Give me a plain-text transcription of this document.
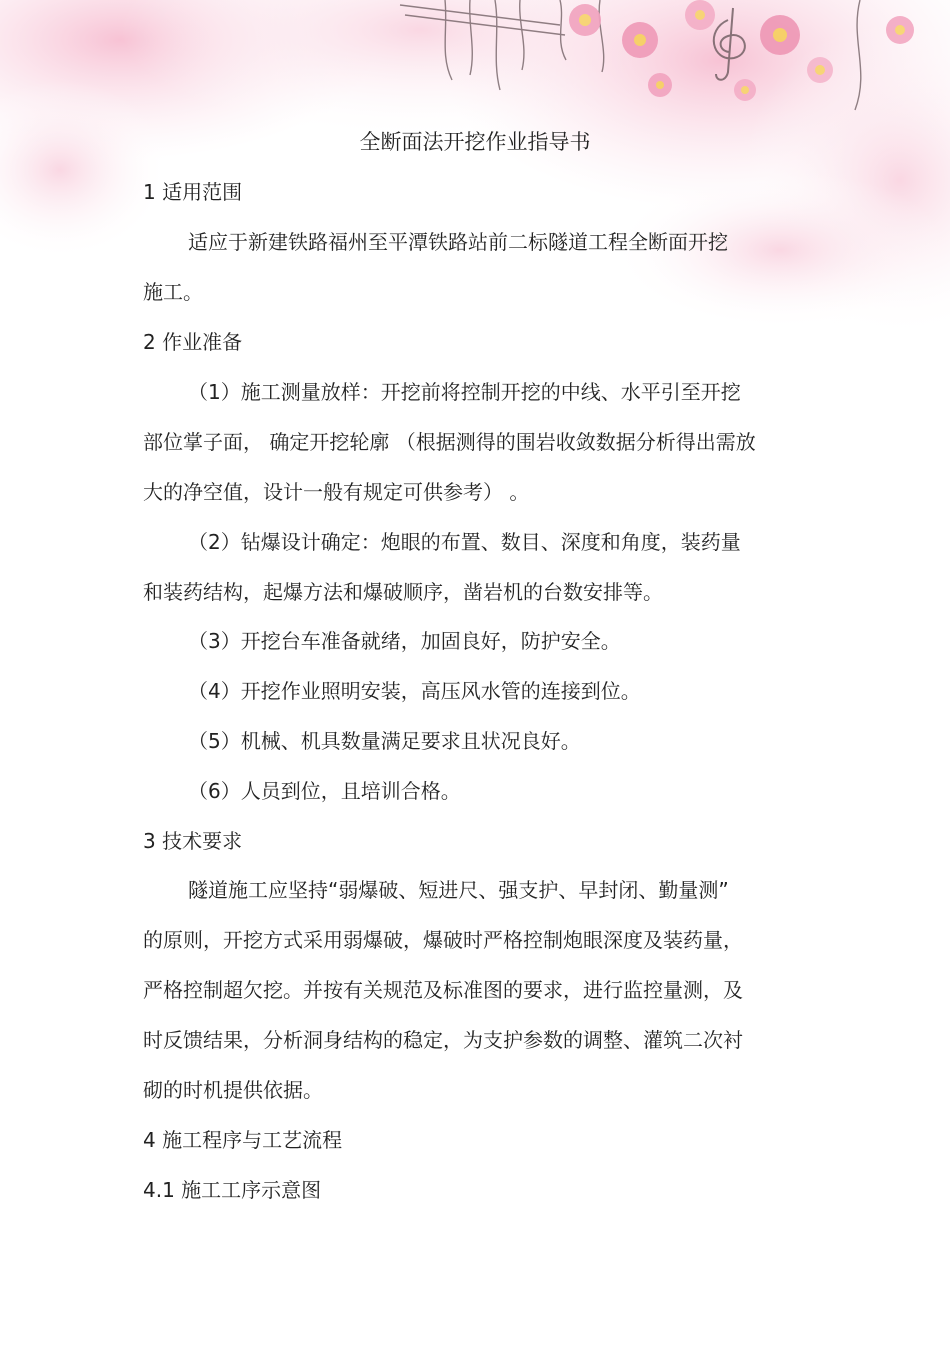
全断面法开挖作业指导书
1 适用范围
适应于新建铁路福州至平潭铁路站前二标隧道工程全断面开挖
施工。
2 作业准备
（1）施工测量放样：开挖前将控制开挖的中线、水平引至开挖
部位掌子面， 确定开挖轮廓 （根据测得的围岩收敛数据分析得出需放
大的净空值，设计一般有规定可供参考） 。
（2）钻爆设计确定：炮眼的布置、数目、深度和角度，装药量
和装药结构，起爆方法和爆破顺序，凿岩机的台数安排等。
（3）开挖台车准备就绪，加固良好，防护安全。
（4）开挖作业照明安装，高压风水管的连接到位。
（5）机械、机具数量满足要求且状况良好。
（6）人员到位，且培训合格。
3 技术要求
隧道施工应坚持“弱爆破、短进尺、强支护、早封闭、勤量测”
的原则，开挖方式采用弱爆破，爆破时严格控制炮眼深度及装药量，
严格控制超欠挖。并按有关规范及标准图的要求，进行监控量测，及
时反馈结果，分析洞身结构的稳定，为支护参数的调整、灌筑二次衬
砌的时机提供依据。
4 施工程序与工艺流程
4.1 施工工序示意图
